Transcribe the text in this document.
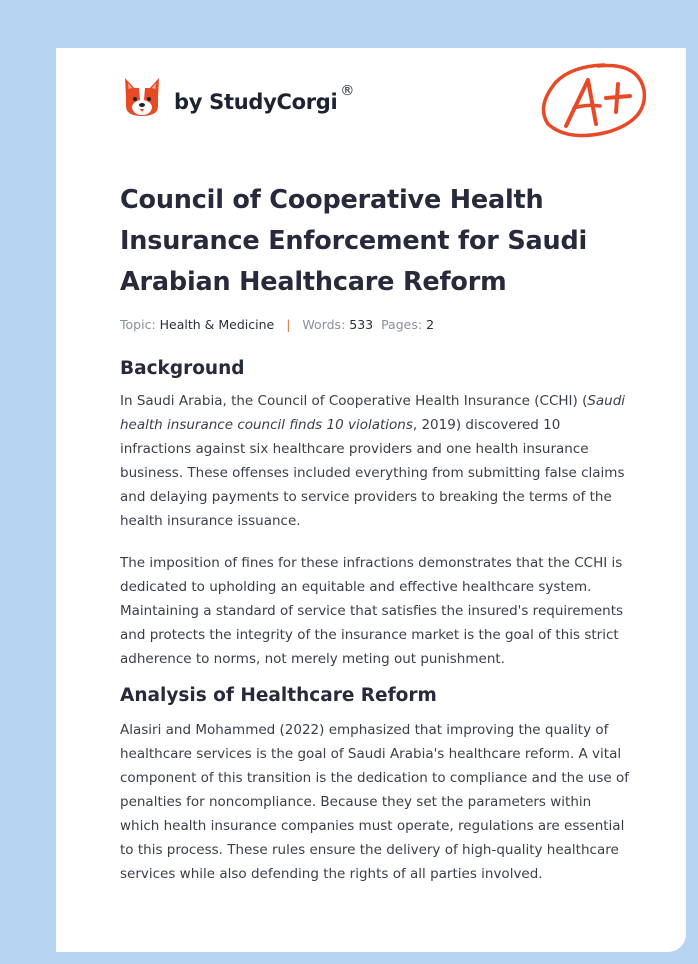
by StudyCorgi ®
Council of Cooperative Health Insurance Enforcement for Saudi Arabian Healthcare Reform
Topic: Health & Medicine | Words: 533 Pages: 2
Background

In Saudi Arabia, the Council of Cooperative Health Insurance (CCHI) (Saudi health insurance council finds 10 violations, 2019) discovered 10 infractions against six healthcare providers and one health insurance business. These offenses included everything from submitting false claims and delaying payments to service providers to breaking the terms of the health insurance issuance.

The imposition of fines for these infractions demonstrates that the CCHI is dedicated to upholding an equitable and effective healthcare system. Maintaining a standard of service that satisfies the insured's requirements and protects the integrity of the insurance market is the goal of this strict adherence to norms, not merely meting out punishment.

Analysis of Healthcare Reform

Alasiri and Mohammed (2022) emphasized that improving the quality of healthcare services is the goal of Saudi Arabia's healthcare reform. A vital component of this transition is the dedication to compliance and the use of penalties for noncompliance. Because they set the parameters within which health insurance companies must operate, regulations are essential to this process. These rules ensure the delivery of high-quality healthcare services while also defending the rights of all parties involved.
